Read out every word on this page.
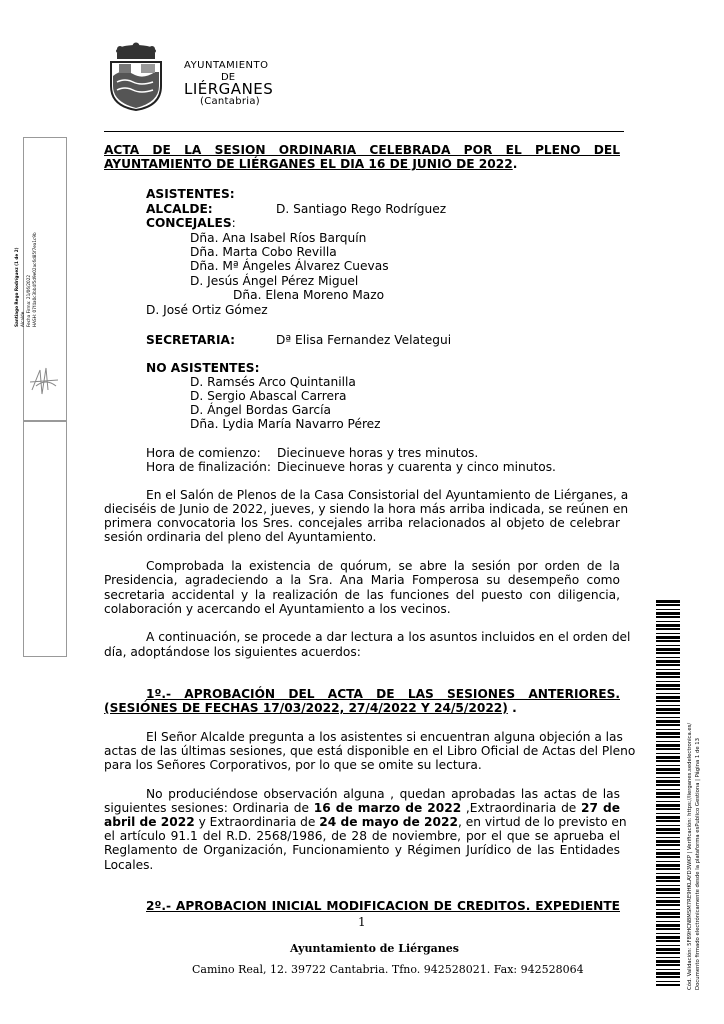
AYUNTAMIENTO
DE
LIÉRGANES
(Cantabria)
Santiago Rego Rodríguez (1 de 2) Alcalde Fecha Firma: 21/06/2022 HASH: 07f4a0c3bb4f5d9e02ac6d85f7ea1c9b
ACTA DE LA SESION ORDINARIA CELEBRADA POR EL PLENO DEL
AYUNTAMIENTO DE LIÉRGANES EL DIA 16 DE JUNIO DE 2022.
ASISTENTES:
ALCALDE:	D. Santiago Rego Rodríguez
CONCEJALES:
Dña. Ana Isabel Ríos Barquín
Dña. Marta Cobo Revilla
Dña. Mª Ángeles Álvarez Cuevas
D. Jesús Ángel Pérez Miguel
Dña. Elena Moreno Mazo
D. José Ortiz Gómez
SECRETARIA:	Dª Elisa Fernandez Velategui
NO ASISTENTES:
D. Ramsés Arco Quintanilla
D. Sergio Abascal Carrera
D. Ángel Bordas García
Dña. Lydia María Navarro Pérez
Hora de comienzo: Diecinueve horas y tres minutos.
Hora de finalización: Diecinueve horas y cuarenta y cinco minutos.
En el Salón de Plenos de la Casa Consistorial del Ayuntamiento de Liérganes, a
dieciséis de Junio de 2022, jueves, y siendo la hora más arriba indicada, se reúnen en
primera convocatoria los Sres. concejales arriba relacionados al objeto de celebrar
sesión ordinaria del pleno del Ayuntamiento.
Comprobada la existencia de quórum, se abre la sesión por orden de la
Presidencia, agradeciendo a la Sra. Ana Maria Fomperosa su desempeño como
secretaria accidental y la realización de las funciones del puesto con diligencia,
colaboración y acercando el Ayuntamiento a los vecinos.
A continuación, se procede a dar lectura a los asuntos incluidos en el orden del
día, adoptándose los siguientes acuerdos:
1º.- APROBACIÓN DEL ACTA DE LAS SESIONES ANTERIORES.
(SESIÓNES DE FECHAS 17/03/2022, 27/4/2022 Y 24/5/2022) .
El Señor Alcalde pregunta a los asistentes si encuentran alguna objeción a las
actas de las últimas sesiones, que está disponible en el Libro Oficial de Actas del Pleno
para los Señores Corporativos, por lo que se omite su lectura.
No produciéndose observación alguna , quedan aprobadas las actas de las
siguientes sesiones: Ordinaria de 16 de marzo de 2022 ,Extraordinaria de 27 de
abril de 2022 y Extraordinaria de 24 de mayo de 2022, en virtud de lo previsto en
el artículo 91.1 del R.D. 2568/1986, de 28 de noviembre, por el que se aprueba el
Reglamento de Organización, Funcionamiento y Régimen Jurídico de las Entidades
Locales.
2º.- APROBACION INICIAL MODIFICACION DE CREDITOS. EXPEDIENTE
1
Ayuntamiento de Liérganes
Camino Real, 12. 39722 Cantabria. Tfno. 942528021. Fax: 942528064	Cód. Validación: 5F89HCN8MSM7RE9HKLAYD3WKP | Verificación: https://lierganes.sedelectronica.es/ Documento firmado electrónicamente desde la plataforma esPublico Gestiona | Página 1 de 13
